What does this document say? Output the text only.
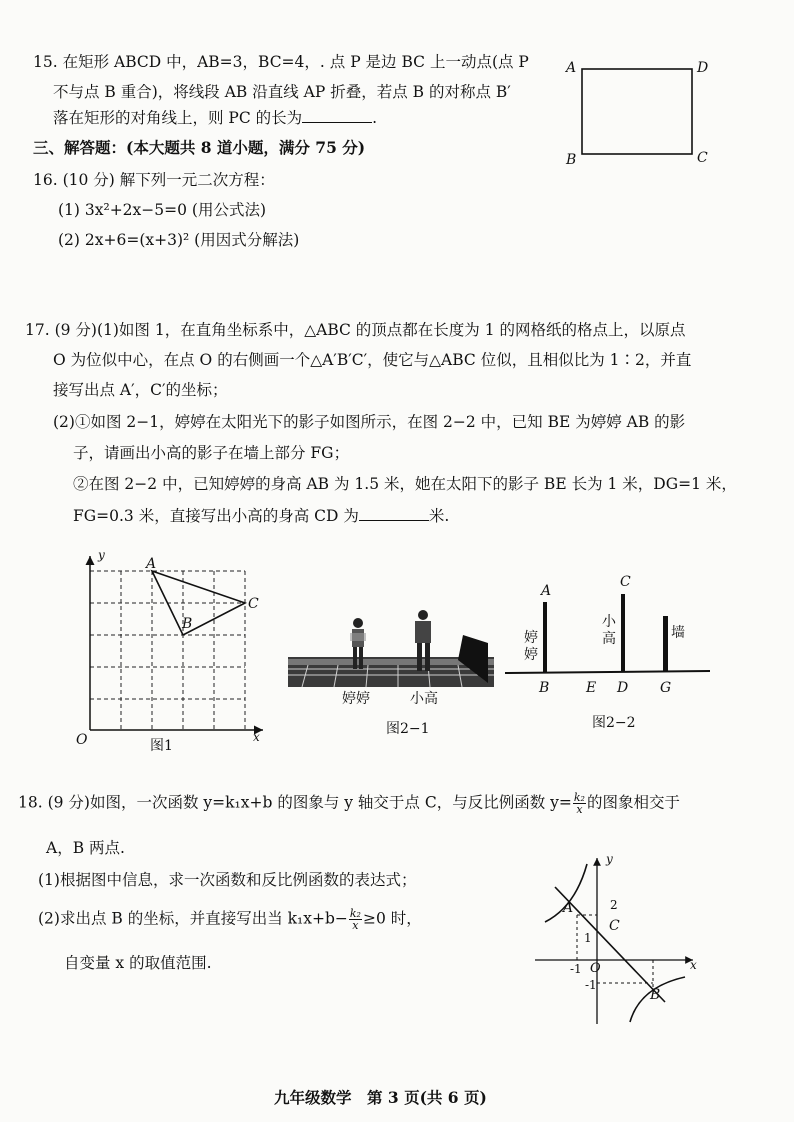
15. 在矩形 ABCD 中，AB=3，BC=4，. 点 P 是边 BC 上一动点(点 P
不与点 B 重合)，将线段 AB 沿直线 AP 折叠，若点 B 的对称点 B′
落在矩形的对角线上，则 PC 的长为	.
A	D
B	C
三、解答题：(本大题共 8 道小题，满分 75 分)
16. (10 分) 解下列一元二次方程：
(1) 3x²+2x−5=0 (用公式法)
(2) 2x+6=(x+3)² (用因式分解法)
17. (9 分)(1)如图 1，在直角坐标系中，△ABC 的顶点都在长度为 1 的网格纸的格点上，以原点
O 为位似中心，在点 O 的右侧画一个△A′B′C′，使它与△ABC 位似，且相似比为 1∶2，并直
接写出点 A′，C′的坐标；
(2)①如图 2−1，婷婷在太阳光下的影子如图所示，在图 2−2 中，已知 BE 为婷婷 AB 的影
子，请画出小高的影子在墙上部分 FG；
②在图 2−2 中，已知婷婷的身高 AB 为 1.5 米，她在太阳下的影子 BE 长为 1 米，DG=1 米，
FG=0.3 米，直接写出小高的身高 CD 为	米.
y
x
O
A
B
C
图1
婷婷	小高
图2−1
A
C
B	E D G
婷婷
小高	墙
图2−2
18. (9 分)如图，一次函数 y=k₁x+b 的图象与 y 轴交于点 C，与反比例函数 $y= \frac{\text{k₂}}{x}$ 的图象相交于
A，B 两点.
(1)根据图中信息，求一次函数和反比例函数的表达式；
(2)求出点 B 的坐标，并直接写出当 $k_1x+b- \frac{\text{k₂}}{x} \ge 0$ 时，
自变量 x 的取值范围.
y
x
O
A
B
C
2
1
-1
-1
九年级数学　第 3 页(共 6 页)
